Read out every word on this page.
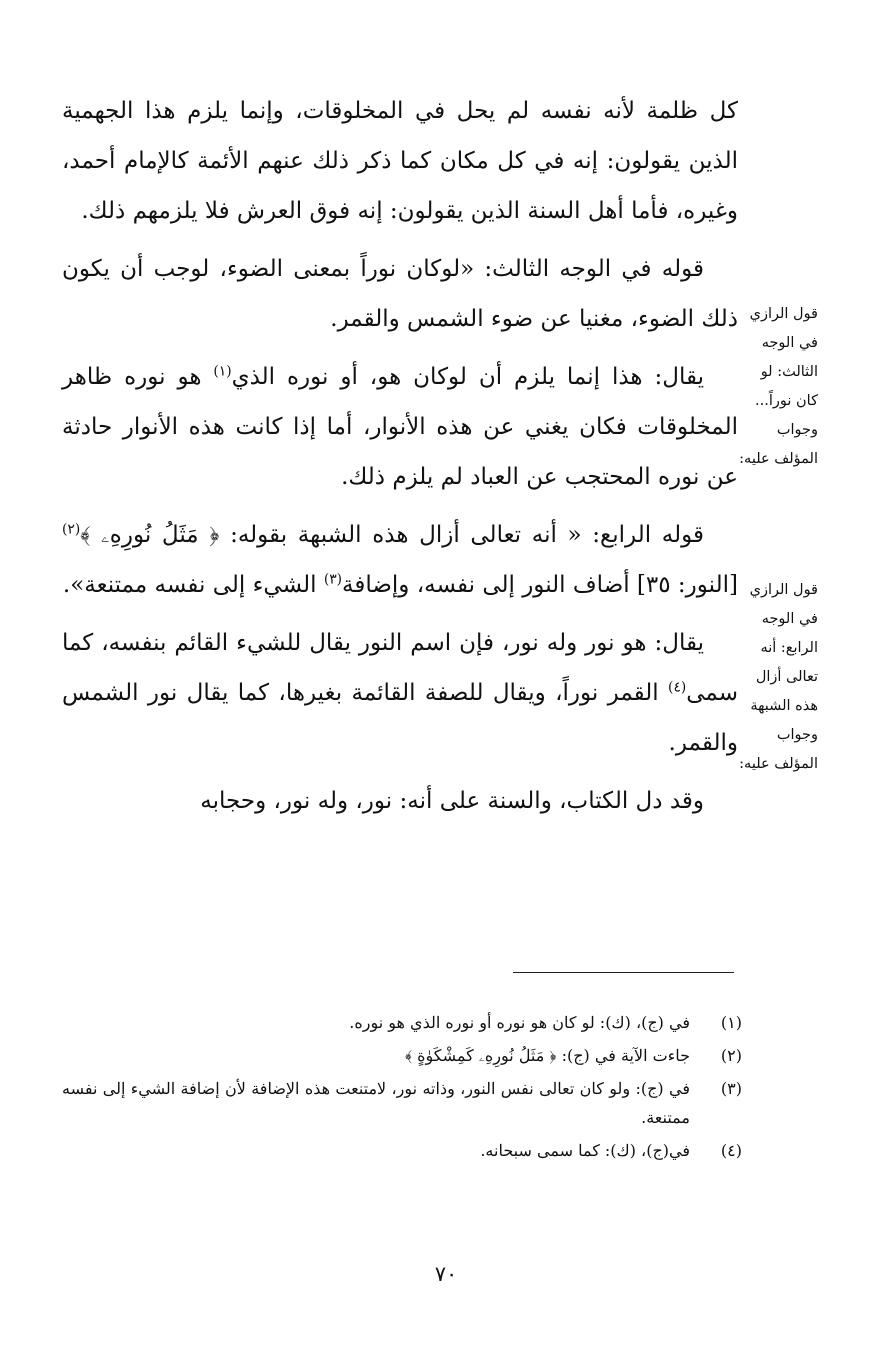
كل ظلمة لأنه نفسه لم يحل في المخلوقات، وإنما يلزم هذا الجهمية الذين يقولون: إنه في كل مكان كما ذكر ذلك عنهم الأئمة كالإمام أحمد، وغيره، فأما أهل السنة الذين يقولون: إنه فوق العرش فلا يلزمهم ذلك.

قوله في الوجه الثالث: «لوكان نوراً بمعنى الضوء، لوجب أن يكون ذلك الضوء، مغنيا عن ضوء الشمس والقمر.

يقال: هذا إنما يلزم أن لوكان هو، أو نوره الذي$^{(١)}$ هو نوره ظاهر المخلوقات فكان يغني عن هذه الأنوار، أما إذا كانت هذه الأنوار حادثة عن نوره المحتجب عن العباد لم يلزم ذلك.

قوله الرابع: « أنه تعالى أزال هذه الشبهة بقوله: ﴿ مَثَلُ نُورِهِۦ ﴾$^{(٢)}$ [النور: ٣٥] أضاف النور إلى نفسه، وإضافة$^{(٣)}$ الشيء إلى نفسه ممتنعة».

يقال: هو نور وله نور، فإن اسم النور يقال للشيء القائم بنفسه، كما سمى$^{(٤)}$ القمر نوراً، ويقال للصفة القائمة بغيرها، كما يقال نور الشمس والقمر.

وقد دل الكتاب، والسنة على أنه: نور، وله نور، وحجابه

قول الرازي في الوجه الثالث: لو كان نوراً... وجواب المؤلف عليه:
قول الرازي في الوجه الرابع: أنه تعالى أزال هذه الشبهة وجواب المؤلف عليه:
(١)
في (ج)، (ك): لو كان هو نوره أو نوره الذي هو نوره.
(٢)
جاءت الآية في (ج): ﴿ مَثَلُ نُورِهِۦ كَمِشْكَوٰةٍ ﴾
(٣)
في (ج): ولو كان تعالى نفس النور، وذاته نور، لامتنعت هذه الإضافة لأن إضافة الشيء إلى نفسه ممتنعة.
(٤)
في(ج)، (ك): كما سمى سبحانه.
٧٠
